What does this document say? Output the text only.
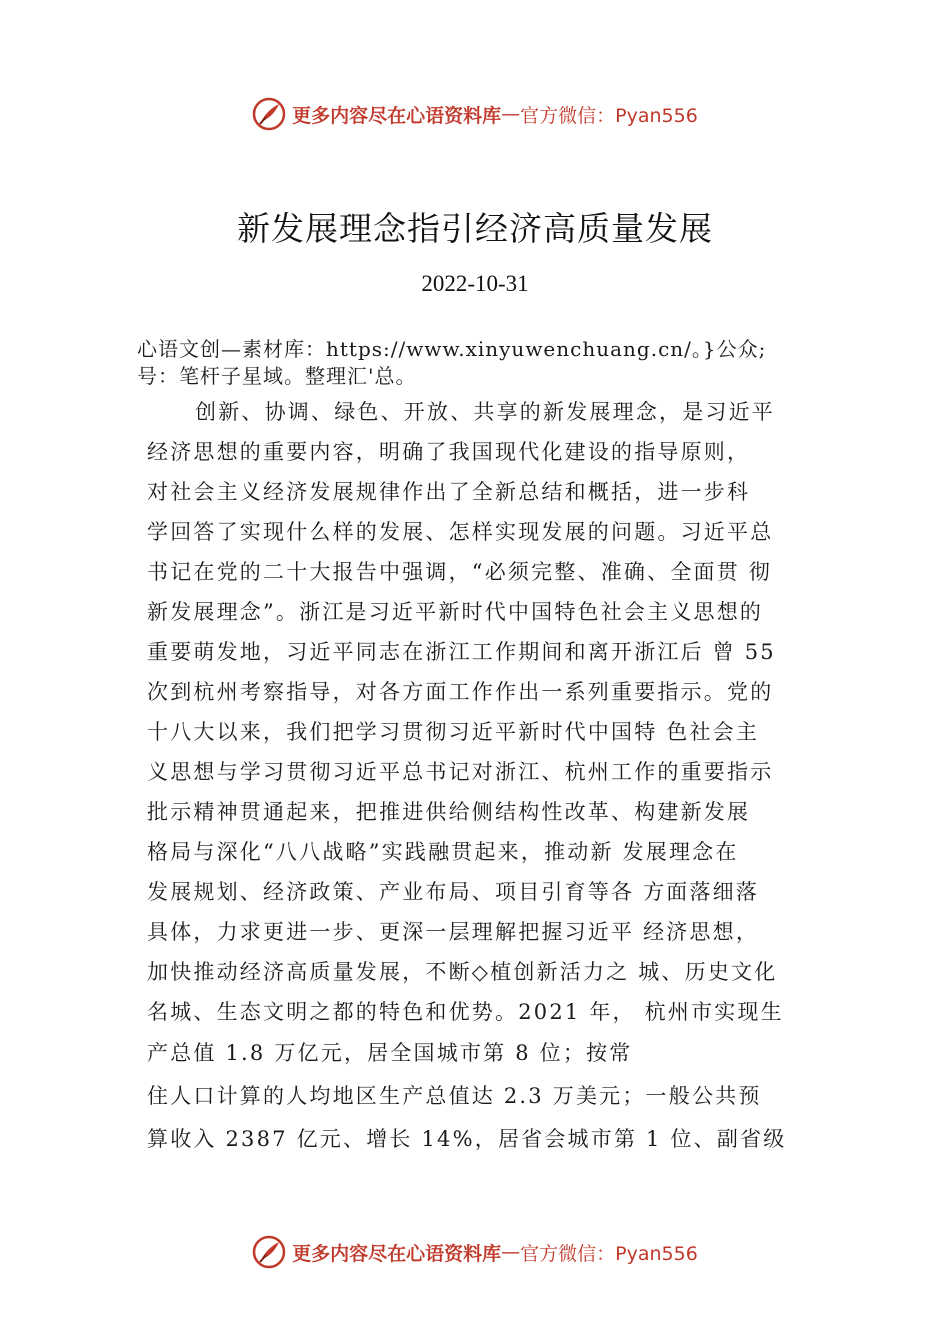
更多内容尽在心语资料库 — 官方微信：Pyan556
新发展理念指引经济高质量发展
2022-10-31
心语文创—素材库：https://www.xinyuwenchuang.cn/。}公众;
号：笔杆子星域。整理汇'总。
创新、协调、绿色、开放、共享的新发展理念，是习近平
经济思想的重要内容，明确了我国现代化建设的指导原则，
对社会主义经济发展规律作出了全新总结和概括，进一步科
学回答了实现什么样的发展、怎样实现发展的问题。习近平总
书记在党的二十大报告中强调，“必须完整、准确、全面贯 彻
新发展理念”。浙江是习近平新时代中国特色社会主义思想的
重要萌发地，习近平同志在浙江工作期间和离开浙江后 曾 55
次到杭州考察指导，对各方面工作作出一系列重要指示。党的
十八大以来，我们把学习贯彻习近平新时代中国特 色社会主
义思想与学习贯彻习近平总书记对浙江、杭州工作的重要指示
批示精神贯通起来，把推进供给侧结构性改革、构建新发展
格局与深化“八八战略”实践融贯起来，推动新 发展理念在
发展规划、经济政策、产业布局、项目引育等各 方面落细落
具体，力求更进一步、更深一层理解把握习近平 经济思想，
加快推动经济高质量发展，不断◇植创新活力之 城、历史文化
名城、生态文明之都的特色和优势。2021 年， 杭州市实现生
产总值 1.8 万亿元，居全国城市第 8 位；按常
住人口计算的人均地区生产总值达 2.3 万美元；一般公共预
算收入 2387 亿元、增长 14%，居省会城市第 1 位、副省级
更多内容尽在心语资料库 — 官方微信：Pyan556
